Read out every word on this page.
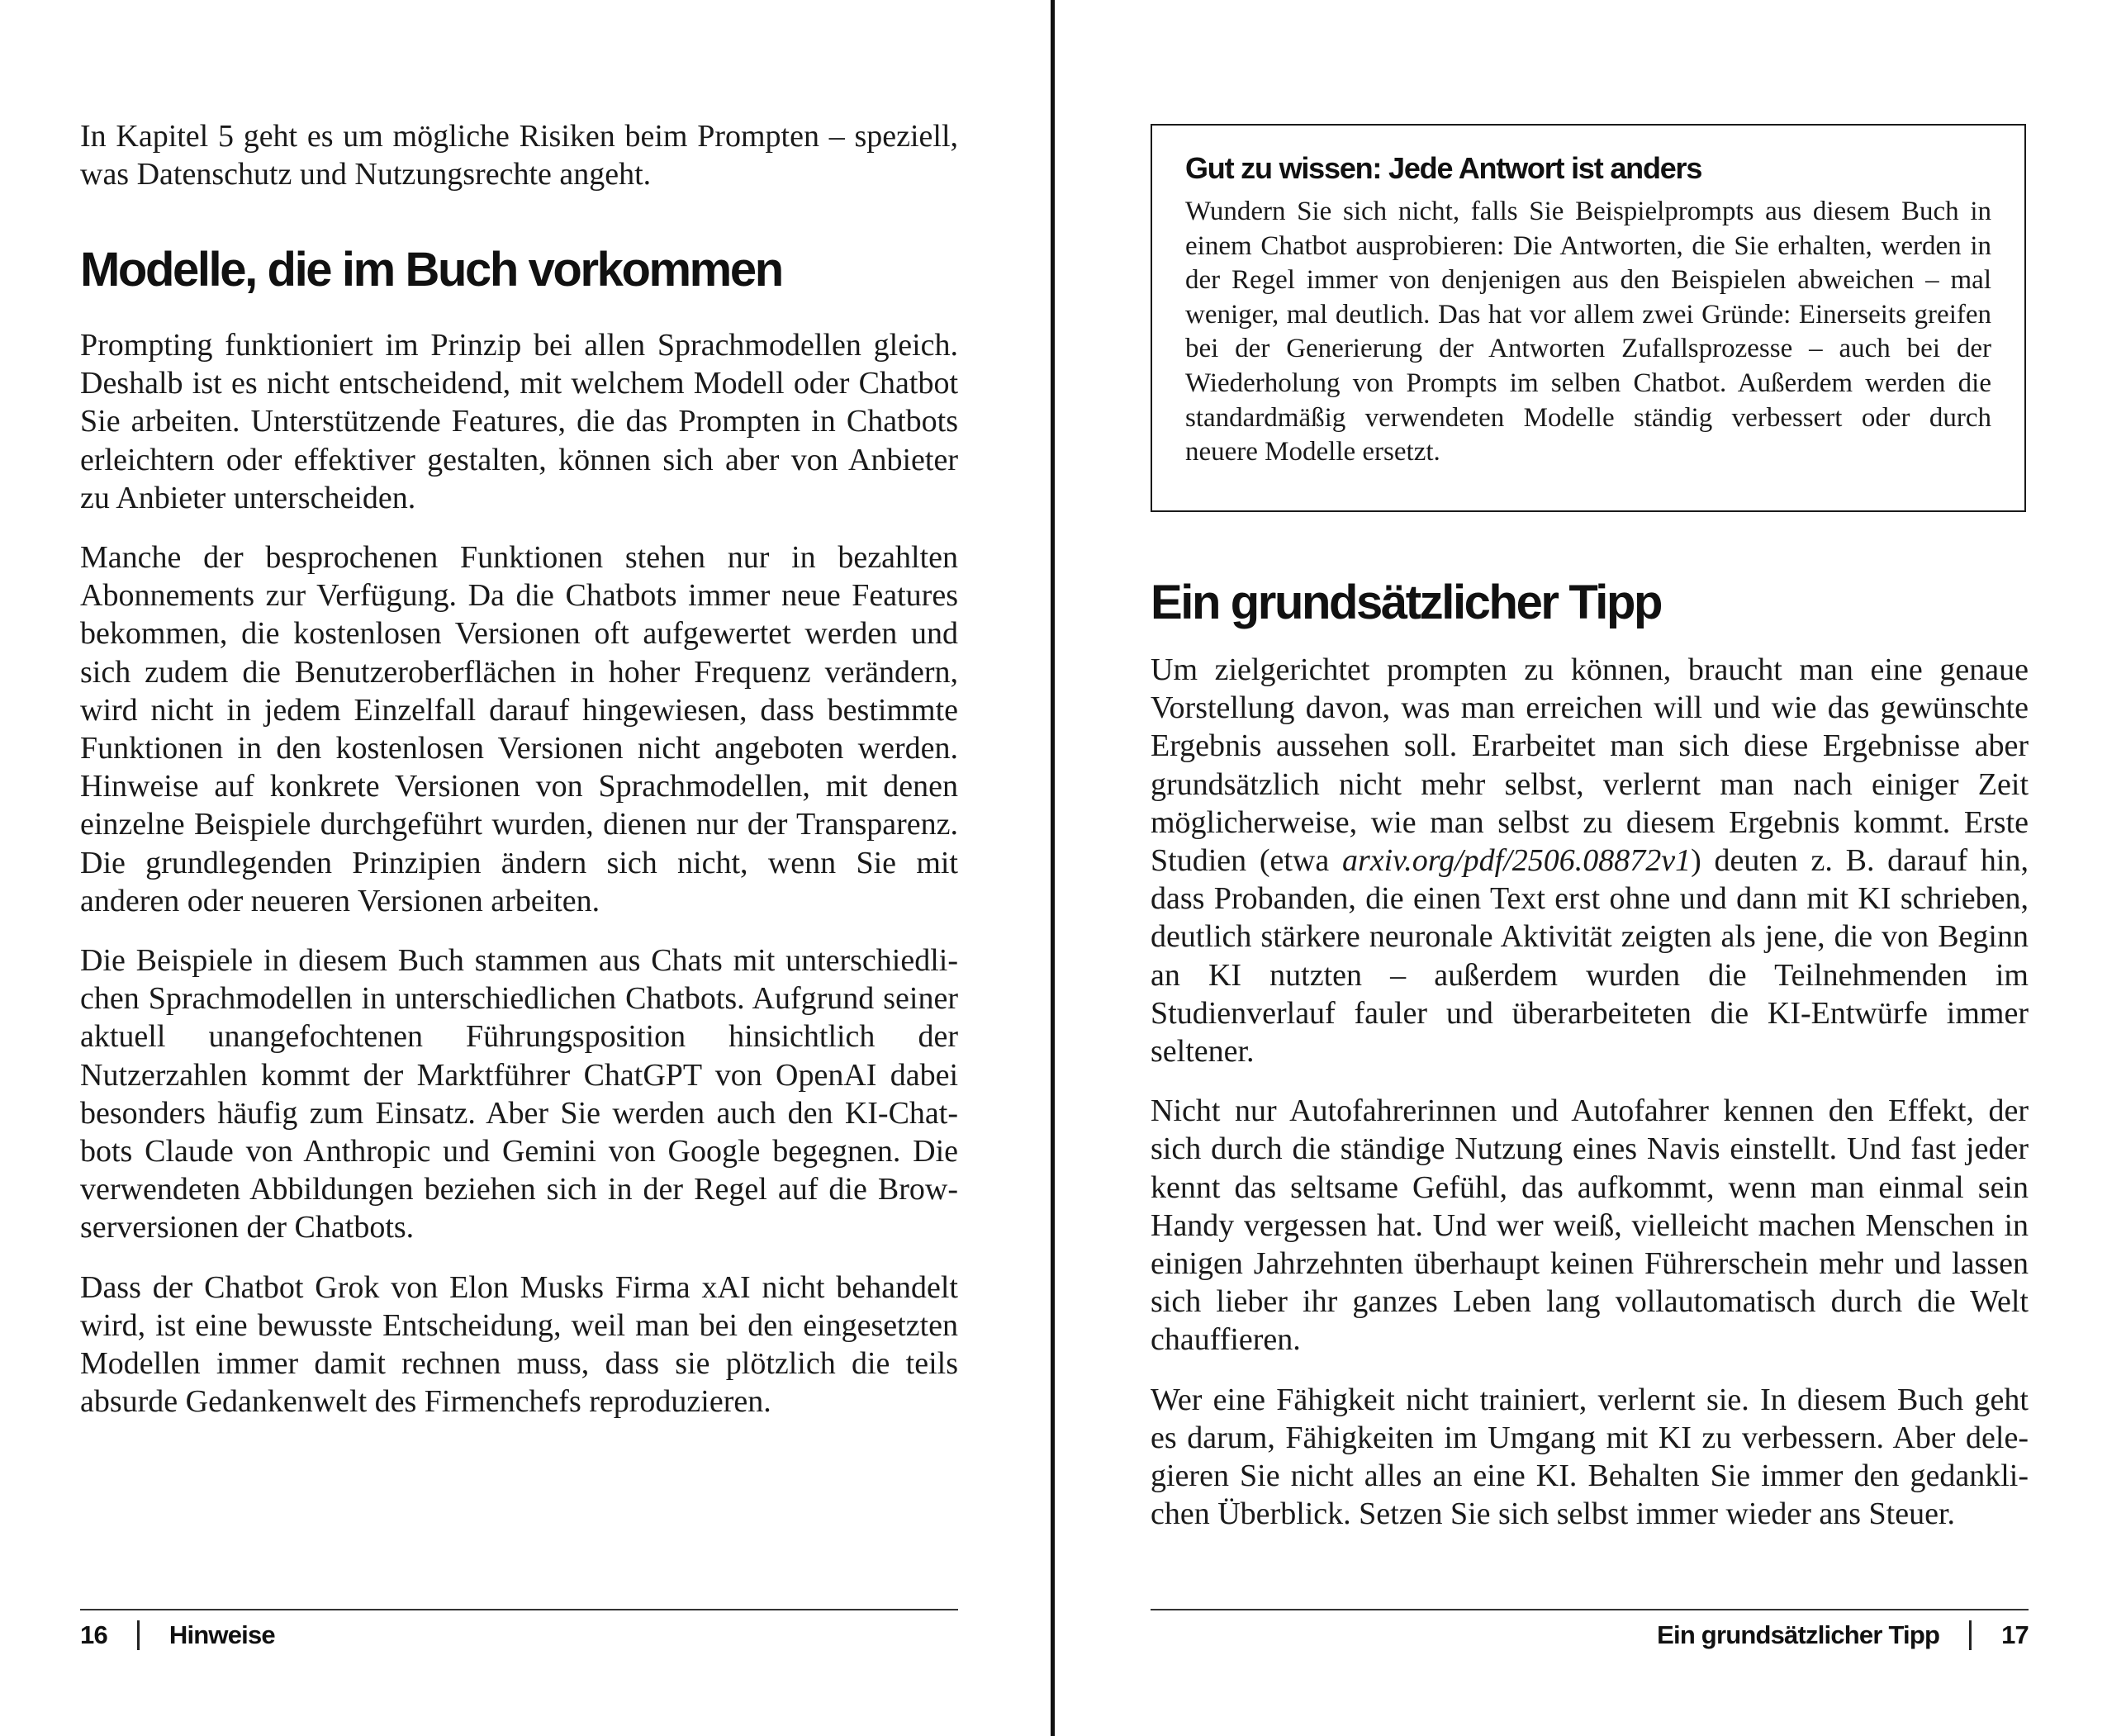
In Kapitel 5 geht es um mögliche Risiken beim Prompten – speziell, was Datenschutz und Nutzungsrechte angeht.

Modelle, die im Buch vorkommen

Prompting funktioniert im Prinzip bei allen Sprachmodellen gleich. Deshalb ist es nicht entscheidend, mit welchem Modell oder Chatbot Sie arbeiten. Unterstützende Features, die das Prompten in Chatbots erleichtern oder effektiver gestalten, können sich aber von Anbieter zu Anbieter unterscheiden.

Manche der besprochenen Funktionen stehen nur in bezahlten Abonnements zur Verfügung. Da die Chatbots immer neue Features bekommen, die kostenlosen Versionen oft aufgewertet werden und sich zudem die Benutzeroberflächen in hoher Frequenz verändern, wird nicht in jedem Einzelfall darauf hingewiesen, dass bestimmte Funktionen in den kostenlosen Versionen nicht angeboten werden. Hinweise auf konkrete Versionen von Sprachmodellen, mit denen einzelne Beispiele durchgeführt wurden, dienen nur der Transparenz. Die grundlegenden Prinzipien ändern sich nicht, wenn Sie mit anderen oder neueren Versionen arbeiten.

Die Beispiele in diesem Buch stammen aus Chats mit unterschiedlichen Sprachmodellen in unterschiedlichen Chatbots. Aufgrund seiner aktuell unangefochtenen Führungsposition hinsichtlich der Nutzerzahlen kommt der Marktführer ChatGPT von OpenAI dabei besonders häufig zum Einsatz. Aber Sie werden auch den KI-Chatbots Claude von Anthropic und Gemini von Google begegnen. Die verwendeten Abbildungen beziehen sich in der Regel auf die Browserversionen der Chatbots.

Dass der Chatbot Grok von Elon Musks Firma xAI nicht behandelt wird, ist eine bewusste Entscheidung, weil man bei den eingesetzten Modellen immer damit rechnen muss, dass sie plötzlich die teils absurde Gedankenwelt des Firmenchefs reproduzieren.

Gut zu wissen: Jede Antwort ist anders

Wundern Sie sich nicht, falls Sie Beispielprompts aus diesem Buch in einem Chatbot ausprobieren: Die Antworten, die Sie erhalten, werden in der Regel immer von denjenigen aus den Beispielen abweichen – mal weniger, mal deutlich. Das hat vor allem zwei Gründe: Einerseits greifen bei der Generierung der Antworten Zufallsprozesse – auch bei der Wiederholung von Prompts im selben Chatbot. Außerdem werden die standardmäßig verwendeten Modelle ständig verbessert oder durch neuere Modelle ersetzt.

Ein grundsätzlicher Tipp

Um zielgerichtet prompten zu können, braucht man eine genaue Vorstellung davon, was man erreichen will und wie das gewünschte Ergebnis aussehen soll. Erarbeitet man sich diese Ergebnisse aber grundsätzlich nicht mehr selbst, verlernt man nach einiger Zeit möglicherweise, wie man selbst zu diesem Ergebnis kommt. Erste Studien (etwa arxiv.org/pdf/2506.08872v1) deuten z. B. darauf hin, dass Probanden, die einen Text erst ohne und dann mit KI schrieben, deutlich stärkere neuronale Aktivität zeigten als jene, die von Beginn an KI nutzten – außerdem wurden die Teilnehmenden im Studienverlauf fauler und überarbeiteten die KI-Entwürfe immer seltener.

Nicht nur Autofahrerinnen und Autofahrer kennen den Effekt, der sich durch die ständige Nutzung eines Navis einstellt. Und fast jeder kennt das seltsame Gefühl, das aufkommt, wenn man einmal sein Handy vergessen hat. Und wer weiß, vielleicht machen Menschen in einigen Jahrzehnten überhaupt keinen Führerschein mehr und lassen sich lieber ihr ganzes Leben lang vollautomatisch durch die Welt chauffieren.

Wer eine Fähigkeit nicht trainiert, verlernt sie. In diesem Buch geht es darum, Fähigkeiten im Umgang mit KI zu verbessern. Aber delegieren Sie nicht alles an eine KI. Behalten Sie immer den gedanklichen Überblick. Setzen Sie sich selbst immer wieder ans Steuer.

16 Hinweise	Ein grundsätzlicher Tipp 17
